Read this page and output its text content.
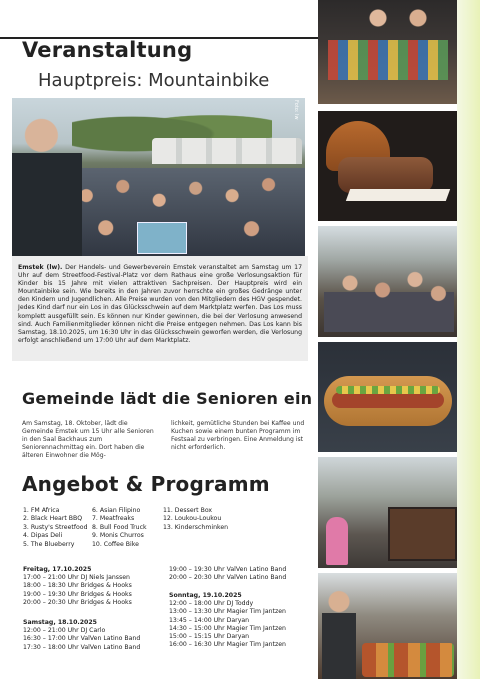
Veranstaltung
Hauptpreis: Mountainbike
Foto: lw
Emstek (lw). Der Handels- und Gewerbeverein Emstek veranstaltet am Samstag um 17 Uhr auf dem Streetfood-Festival-Platz vor dem Rathaus eine große Verlosungsaktion für Kinder bis 15 Jahre mit vielen attraktiven Sachpreisen. Der Hauptpreis wird ein Mountainbike sein. Wie bereits in den Jahren zuvor herrschte ein großes Gedränge unter den Kindern und Jugendlichen. Alle Preise wurden von den Mitgliedern des HGV gespendet. Jedes Kind darf nur ein Los in das Glücksschwein auf dem Marktplatz werfen. Das Los muss komplett ausgefüllt sein. Es können nur Kinder gewinnen, die bei der Verlosung anwesend sind. Auch Familienmitglieder können nicht die Preise entgegen nehmen. Das Los kann bis Samstag, 18.10.2025, um 16:30 Uhr in das Glücksschwein geworfen werden, die Verlosung erfolgt anschließend um 17:00 Uhr auf dem Marktplatz.
Gemeinde lädt die Senioren ein
Am Samstag, 18. Oktober, lädt die Gemeinde Emstek um 15 Uhr alle Senioren in den Saal Backhaus zum Seniorennachmittag ein. Dort haben die älteren Einwohner die Mög-
lichkeit, gemütliche Stunden bei Kaffee und Kuchen sowie einem bunten Programm im Festsaal zu verbringen. Eine Anmeldung ist nicht erforderlich.
Angebot & Programm
1. FM Africa
2. Black Heart BBQ
3. Rusty's Streetfood
4. Dipas Deli
5. The Blueberry
6. Asian Filipino
7. Meatfreaks
8. Bull Food Truck
9. Monis Churros
10. Coffee Bike
11. Dessert Box
12. Loukou-Loukou
13. Kinderschminken
Freitag, 17.10.2025
17:00 – 21:00 Uhr DJ Niels Janssen
18:00 – 18:30 Uhr Bridges & Hooks
19:00 – 19:30 Uhr Bridges & Hooks
20:00 – 20:30 Uhr Bridges & Hooks
Samstag, 18.10.2025
12:00 – 21:00 Uhr DJ Carlo
16:30 – 17:00 Uhr ValVen Latino Band
17:30 – 18:00 Uhr ValVen Latino Band
19:00 – 19:30 Uhr ValVen Latino Band
20:00 – 20:30 Uhr ValVen Latino Band
Sonntag, 19.10.2025
12:00 – 18:00 Uhr DJ Toddy
13:00 – 13:30 Uhr Magier Tim Jantzen
13:45 – 14:00 Uhr Daryan
14:30 – 15:00 Uhr Magier Tim Jantzen
15:00 – 15:15 Uhr Daryan
16:00 – 16:30 Uhr Magier Tim Jantzen
